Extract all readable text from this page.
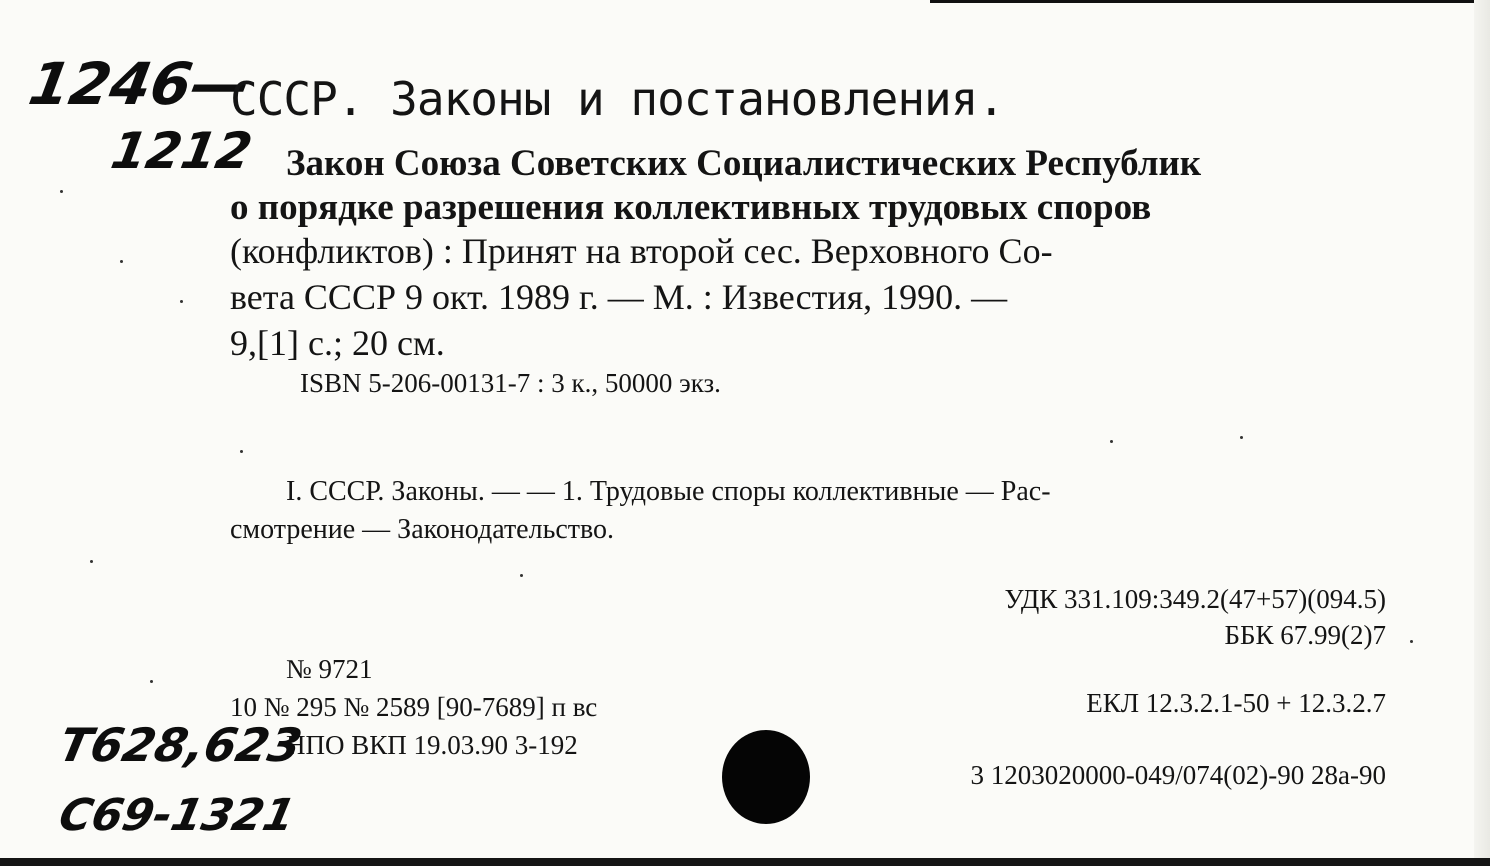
1246—
1212
СССР. Законы и постановления.
Закон Союза Советских Социалистических Республик
о порядке разрешения коллективных трудовых споров
(конфликтов) : Принят на второй сес. Верховного Со-
вета СССР 9 окт. 1989 г. — М. : Известия, 1990. —
9,[1] с.; 20 см.
ISBN 5-206-00131-7 : 3 к., 50000 экз.
I. СССР. Законы. — — 1. Трудовые споры коллективные — Рас-
смотрение — Законодательство.
УДК 331.109:349.2(47+57)(094.5)
ББК 67.99(2)7
№ 9721
10 № 295 № 2589 [90-7689] п вс
НПО ВКП 19.03.90 3-192
ЕКЛ 12.3.2.1-50 + 12.3.2.7
3 1203020000-049/074(02)-90 28а-90
Т628,623
С69-1321
